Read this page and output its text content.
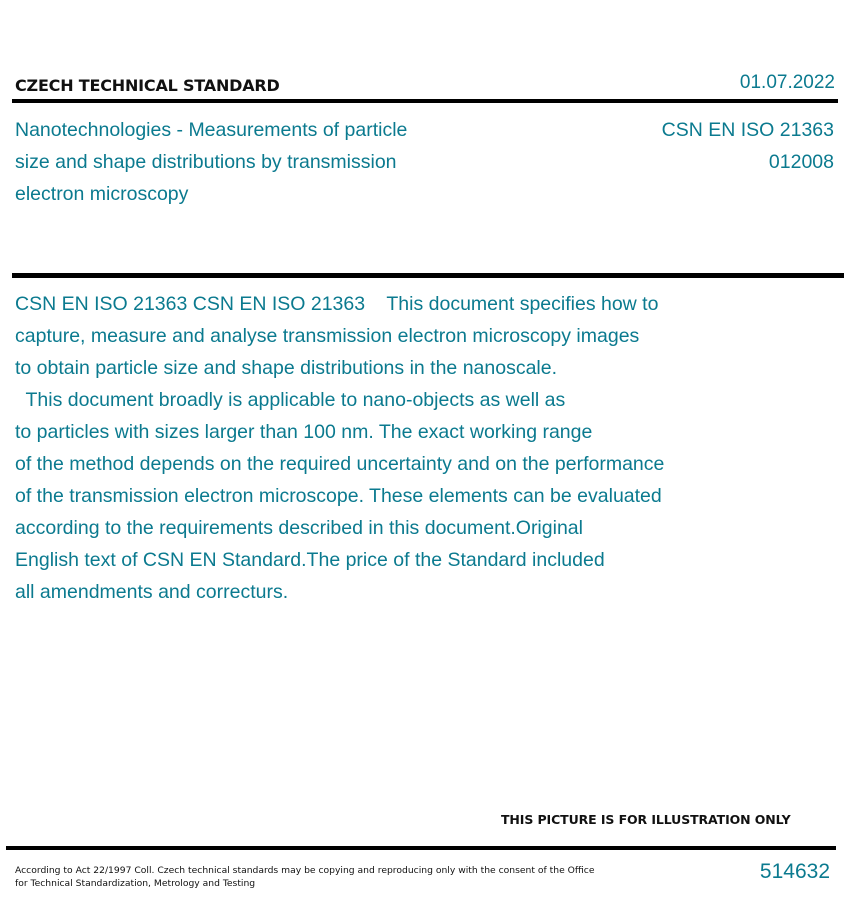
CZECH TECHNICAL STANDARD	01.07.2022
Nanotechnologies - Measurements of particle
size and shape distributions by transmission
electron microscopy
CSN EN ISO 21363
012008
CSN EN ISO 21363 CSN EN ISO 21363    This document specifies how to
capture, measure and analyse transmission electron microscopy images
to obtain particle size and shape distributions in the nanoscale.
This document broadly is applicable to nano-objects as well as
to particles with sizes larger than 100 nm. The exact working range
of the method depends on the required uncertainty and on the performance
of the transmission electron microscope. These elements can be evaluated
according to the requirements described in this document.Original
English text of CSN EN Standard.The price of the Standard included
all amendments and correcturs.
THIS PICTURE IS FOR ILLUSTRATION ONLY
According to Act 22/1997 Coll. Czech technical standards may be copying and reproducing only with the consent of the Office
for Technical Standardization, Metrology and Testing
514632
